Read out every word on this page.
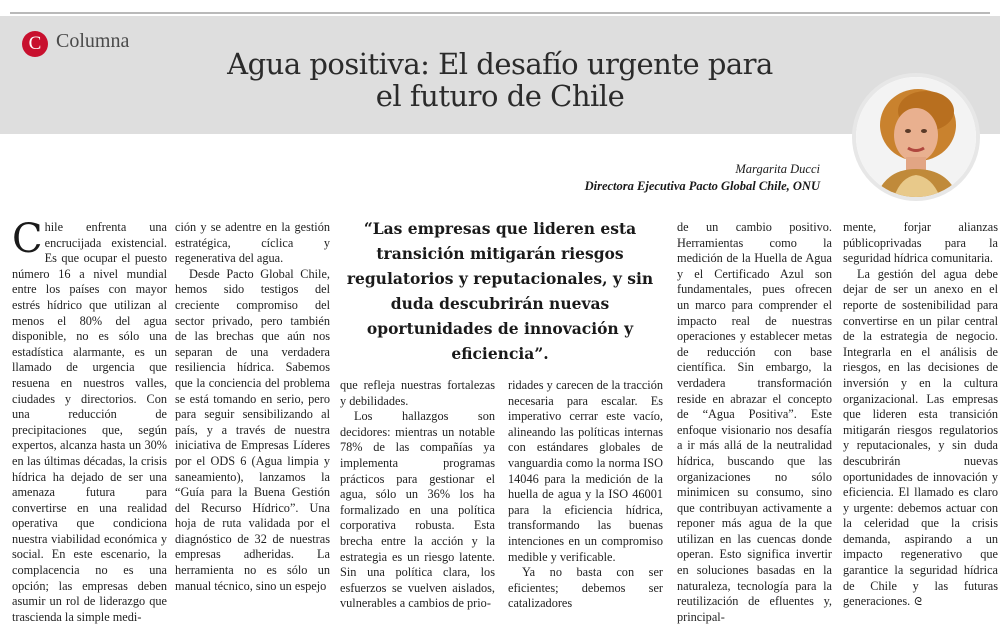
C Columna
Agua positiva: El desafío urgente para
el futuro de Chile
Margarita Ducci
Directora Ejecutiva Pacto Global Chile, ONU

Chile enfrenta una encrucijada existencial. Es que ocupar el puesto número 16 a nivel mundial entre los países con mayor estrés hídrico que utilizan al menos el 80% del agua disponible, no es sólo una estadística alarmante, es un llamado de urgencia que resuena en nuestros valles, ciudades y directorios. Con una reducción de precipitaciones que, según expertos, alcanza hasta un 30% en las últimas décadas, la crisis hídrica ha dejado de ser una amenaza futura para convertirse en una realidad operativa que condiciona nuestra viabilidad económica y social. En este escenario, la complacencia no es una opción; las empresas deben asumir un rol de liderazgo que trascienda la simple medi-

ción y se adentre en la gestión estratégica, cíclica y regenerativa del agua.

Desde Pacto Global Chile, hemos sido testigos del creciente compromiso del sector privado, pero también de las brechas que aún nos separan de una verdadera resiliencia hídrica. Sabemos que la conciencia del problema se está tomando en serio, pero para seguir sensibilizando al país, y a través de nuestra iniciativa de Empresas Líderes por el ODS 6 (Agua limpia y saneamiento), lanzamos la “Guía para la Buena Gestión del Recurso Hídrico”. Una hoja de ruta validada por el diagnóstico de 32 de nuestras empresas adheridas. La herramienta no es sólo un manual técnico, sino un espejo

“Las empresas que lideren esta transición mitigarán riesgos regulatorios y reputacionales, y sin duda descubrirán nuevas oportunidades de innovación y eficiencia”.

que refleja nuestras fortalezas y debilidades.

Los hallazgos son decidores: mientras un notable 78% de las compañías ya implementa programas prácticos para gestionar el agua, sólo un 36% los ha formalizado en una política corporativa robusta. Esta brecha entre la acción y la estrategia es un riesgo latente. Sin una política clara, los esfuerzos se vuelven aislados, vulnerables a cambios de prio-

ridades y carecen de la tracción necesaria para escalar. Es imperativo cerrar este vacío, alineando las políticas internas con estándares globales de vanguardia como la norma ISO 14046 para la medición de la huella de agua y la ISO 46001 para la eficiencia hídrica, transformando las buenas intenciones en un compromiso medible y verificable.

Ya no basta con ser eficientes; debemos ser catalizadores

de un cambio positivo. Herramientas como la medición de la Huella de Agua y el Certificado Azul son fundamentales, pues ofrecen un marco para comprender el impacto real de nuestras operaciones y establecer metas de reducción con base científica. Sin embargo, la verdadera transformación reside en abrazar el concepto de “Agua Positiva”. Este enfoque visionario nos desafía a ir más allá de la neutralidad hídrica, buscando que las organizaciones no sólo minimicen su consumo, sino que contribuyan activamente a reponer más agua de la que utilizan en las cuencas donde operan. Esto significa invertir en soluciones basadas en la naturaleza, tecnología para la reutilización de efluentes y, principal-

mente, forjar alianzas públicoprivadas para la seguridad hídrica comunitaria.

La gestión del agua debe dejar de ser un anexo en el reporte de sostenibilidad para convertirse en un pilar central de la estrategia de negocio. Integrarla en el análisis de riesgos, en las decisiones de inversión y en la cultura organizacional. Las empresas que lideren esta transición mitigarán riesgos regulatorios y reputacionales, y sin duda descubrirán nuevas oportunidades de innovación y eficiencia. El llamado es claro y urgente: debemos actuar con la celeridad que la crisis demanda, aspirando a un impacto regenerativo que garantice la seguridad hídrica de Chile y las futuras generaciones. ᘓ
